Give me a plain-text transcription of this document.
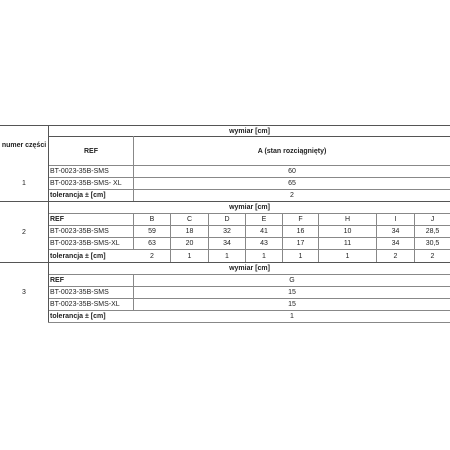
numer części
1
2
3
wymiar [cm]
REF	A (stan rozciągnięty)
BT-0023-35B-SMS	60
BT-0023-35B-SMS- XL	65
tolerancja ± [cm]	2
wymiar [cm]
REF	B	C	D	E	F	H	I	J
BT-0023-35B-SMS	59	18	32	41	16	10	34	28,5
BT-0023-35B-SMS-XL	63	20	34	43	17	11	34	30,5
tolerancja ± [cm]	2	1	1	1	1	1	2	2
wymiar [cm]
REF	G
BT-0023-35B-SMS	15
BT-0023-35B-SMS-XL	15
tolerancja ± [cm]	1
